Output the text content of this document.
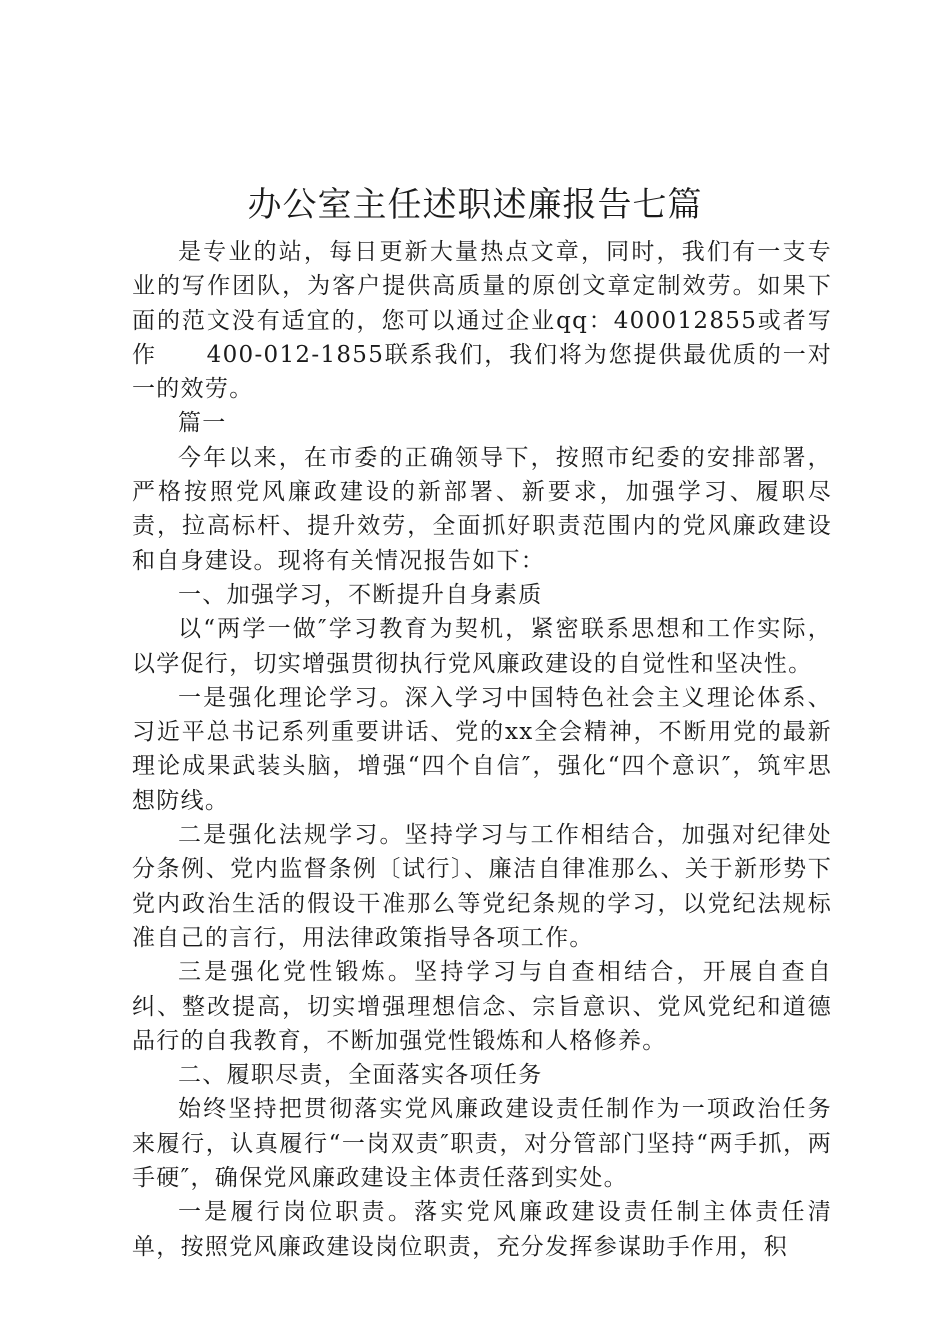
办公室主任述职述廉报告七篇

是专业的站，每日更新大量热点文章，同时，我们有一支专业的写作团队，为客户提供高质量的原创文章定制效劳。如果下面的范文没有适宜的，您可以通过企业qq：400012855或者写作　　400-012-1855联系我们，我们将为您提供最优质的一对一的效劳。

篇一

今年以来，在市委的正确领导下，按照市纪委的安排部署，严格按照党风廉政建设的新部署、新要求，加强学习、履职尽责，拉高标杆、提升效劳，全面抓好职责范围内的党风廉政建设和自身建设。现将有关情况报告如下：

一、加强学习，不断提升自身素质

以“两学一做″学习教育为契机，紧密联系思想和工作实际，以学促行，切实增强贯彻执行党风廉政建设的自觉性和坚决性。

一是强化理论学习。深入学习中国特色社会主义理论体系、习近平总书记系列重要讲话、党的xx全会精神，不断用党的最新理论成果武装头脑，增强“四个自信″，强化“四个意识″，筑牢思想防线。

二是强化法规学习。坚持学习与工作相结合，加强对纪律处分条例、党内监督条例〔试行〕、廉洁自律准那么、关于新形势下党内政治生活的假设干准那么等党纪条规的学习，以党纪法规标准自己的言行，用法律政策指导各项工作。

三是强化党性锻炼。坚持学习与自查相结合，开展自查自纠、整改提高，切实增强理想信念、宗旨意识、党风党纪和道德品行的自我教育，不断加强党性锻炼和人格修养。

二、履职尽责，全面落实各项任务

始终坚持把贯彻落实党风廉政建设责任制作为一项政治任务来履行，认真履行“一岗双责″职责，对分管部门坚持“两手抓，两手硬″，确保党风廉政建设主体责任落到实处。

一是履行岗位职责。落实党风廉政建设责任制主体责任清单，按照党风廉政建设岗位职责，充分发挥参谋助手作用，积
